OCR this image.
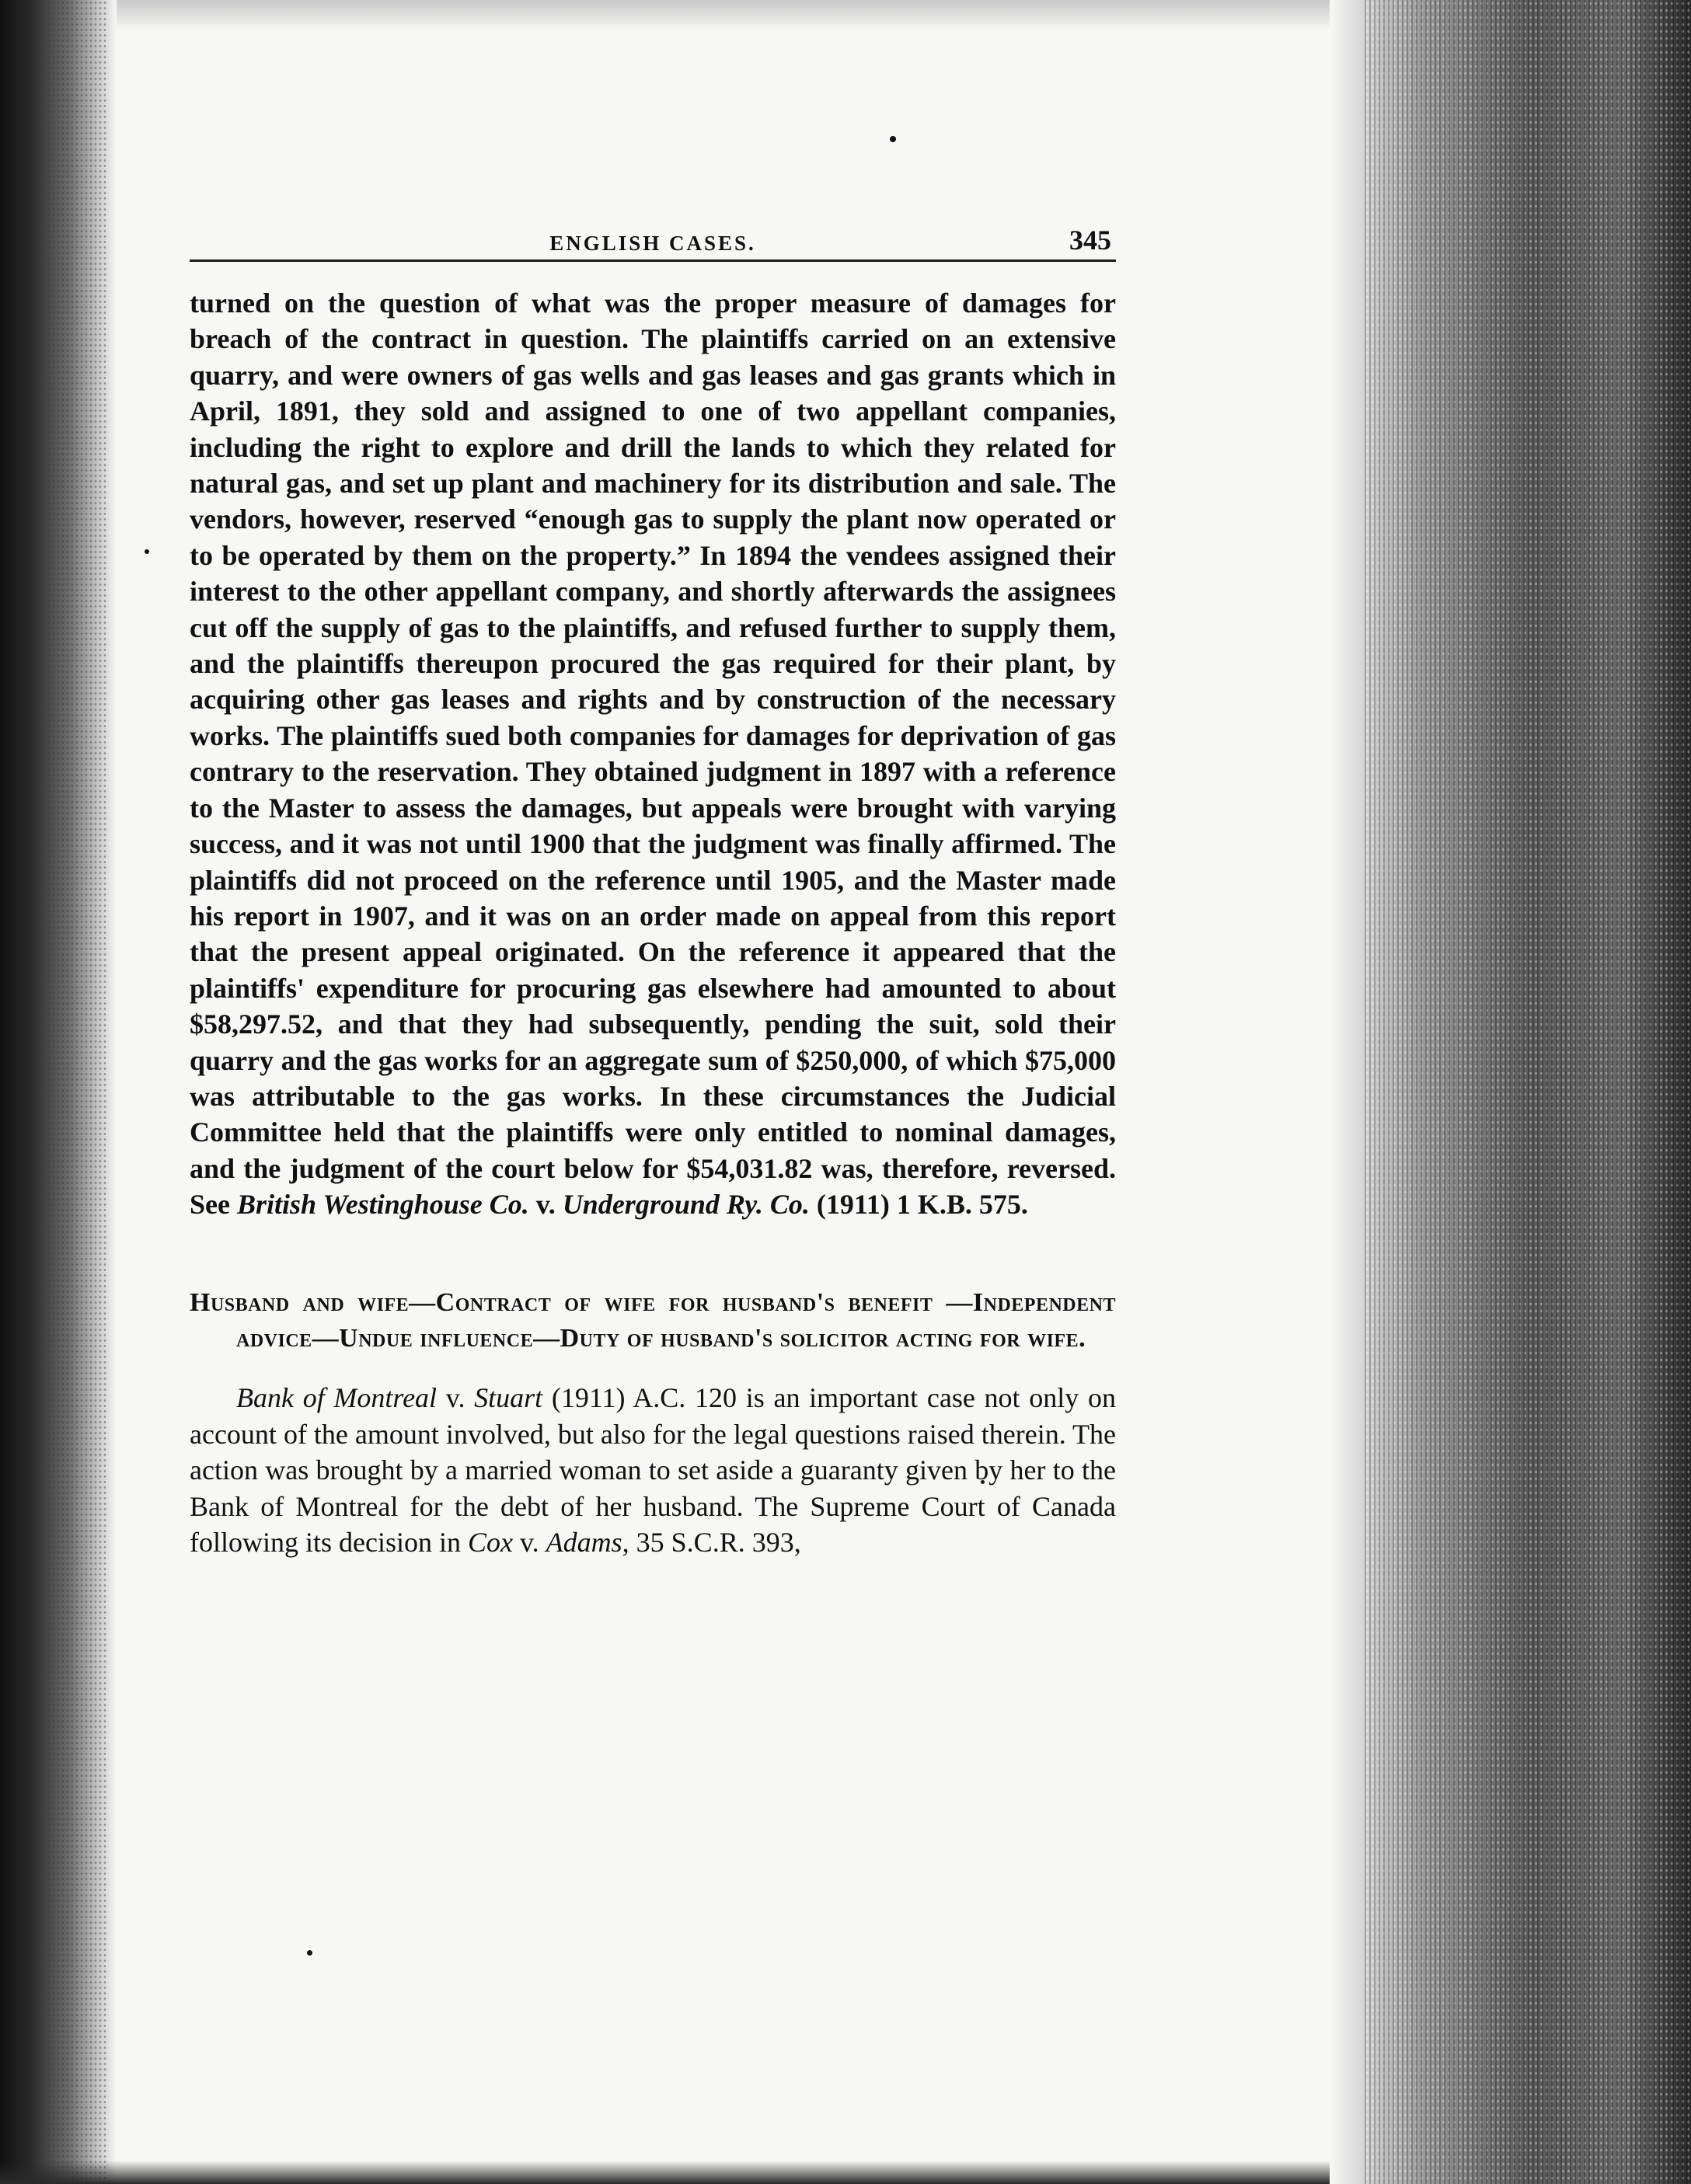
ENGLISH CASES.	345

turned on the question of what was the proper measure of damages for breach of the contract in question. The plaintiffs carried on an extensive quarry, and were owners of gas wells and gas leases and gas grants which in April, 1891, they sold and assigned to one of two appellant companies, including the right to explore and drill the lands to which they related for natural gas, and set up plant and machinery for its distribution and sale. The vendors, however, reserved “enough gas to supply the plant now operated or to be operated by them on the property.” In 1894 the vendees assigned their interest to the other appellant company, and shortly afterwards the assignees cut off the supply of gas to the plaintiffs, and refused further to supply them, and the plaintiffs thereupon procured the gas required for their plant, by acquiring other gas leases and rights and by construction of the necessary works. The plaintiffs sued both companies for damages for deprivation of gas contrary to the reservation. They obtained judgment in 1897 with a reference to the Master to assess the damages, but appeals were brought with varying success, and it was not until 1900 that the judgment was finally affirmed. The plaintiffs did not proceed on the reference until 1905, and the Master made his report in 1907, and it was on an order made on appeal from this report that the present appeal originated. On the reference it appeared that the plaintiffs' expenditure for procuring gas elsewhere had amounted to about $58,297.52, and that they had subsequently, pending the suit, sold their quarry and the gas works for an aggregate sum of $250,000, of which $75,000 was attributable to the gas works. In these circumstances the Judicial Committee held that the plaintiffs were only entitled to nominal damages, and the judgment of the court below for $54,031.82 was, therefore, reversed. See British Westinghouse Co. v. Underground Ry. Co. (1911) 1 K.B. 575.

Husband and wife—Contract of wife for husband's benefit —Independent advice—Undue influence—Duty of husband's solicitor acting for wife.

Bank of Montreal v. Stuart (1911) A.C. 120 is an important case not only on account of the amount involved, but also for the legal questions raised therein. The action was brought by a married woman to set aside a guaranty given by her to the Bank of Montreal for the debt of her husband. The Supreme Court of Canada following its decision in Cox v. Adams, 35 S.C.R. 393,
